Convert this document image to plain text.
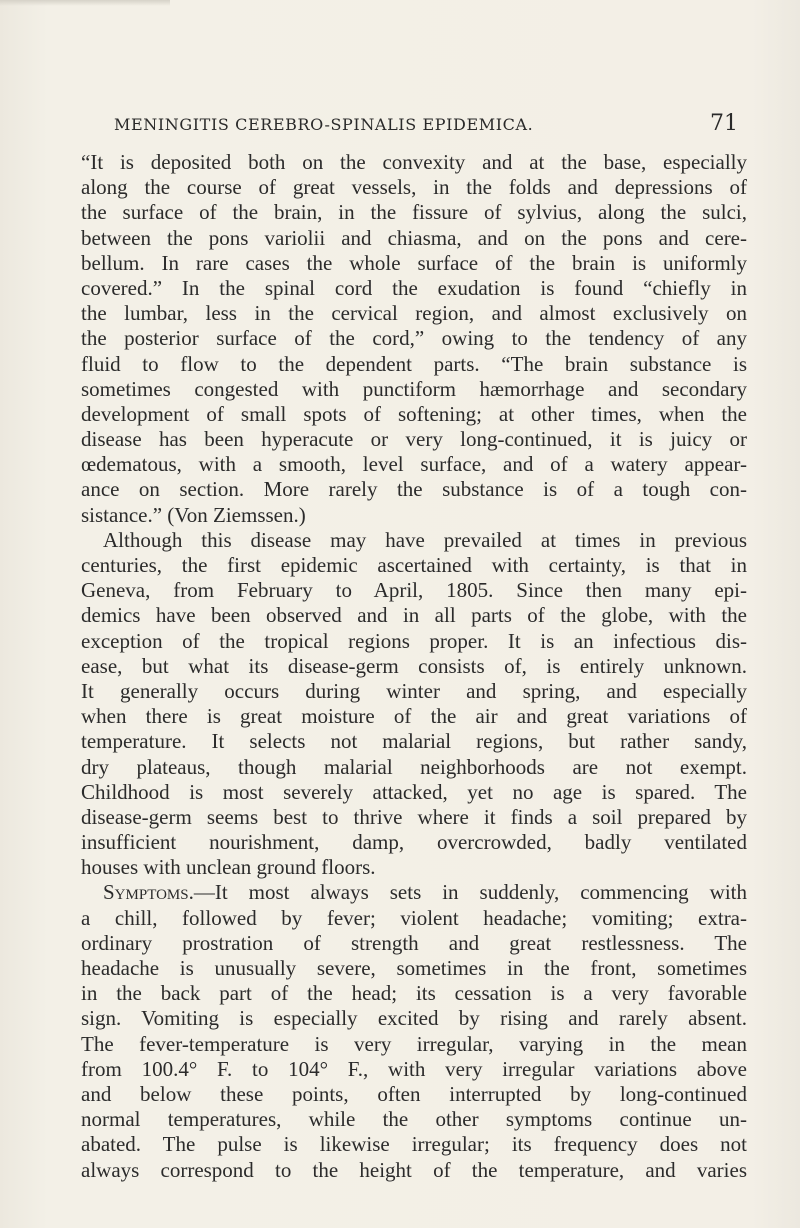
MENINGITIS CEREBRO-SPINALIS EPIDEMICA.	71
“It is deposited both on the convexity and at the base, especially
along the course of great vessels, in the folds and depressions of
the surface of the brain, in the fissure of sylvius, along the sulci,
between the pons variolii and chiasma, and on the pons and cere-
bellum. In rare cases the whole surface of the brain is uniformly
covered.” In the spinal cord the exudation is found “chiefly in
the lumbar, less in the cervical region, and almost exclusively on
the posterior surface of the cord,” owing to the tendency of any
fluid to flow to the dependent parts. “The brain substance is
sometimes congested with punctiform hæmorrhage and secondary
development of small spots of softening; at other times, when the
disease has been hyperacute or very long-continued, it is juicy or
œdematous, with a smooth, level surface, and of a watery appear-
ance on section. More rarely the substance is of a tough con-
sistance.” (Von Ziemssen.)
Although this disease may have prevailed at times in previous
centuries, the first epidemic ascertained with certainty, is that in
Geneva, from February to April, 1805. Since then many epi-
demics have been observed and in all parts of the globe, with the
exception of the tropical regions proper. It is an infectious dis-
ease, but what its disease-germ consists of, is entirely unknown.
It generally occurs during winter and spring, and especially
when there is great moisture of the air and great variations of
temperature. It selects not malarial regions, but rather sandy,
dry plateaus, though malarial neighborhoods are not exempt.
Childhood is most severely attacked, yet no age is spared. The
disease-germ seems best to thrive where it finds a soil prepared by
insufficient nourishment, damp, overcrowded, badly ventilated
houses with unclean ground floors.
Symptoms.—It most always sets in suddenly, commencing with
a chill, followed by fever; violent headache; vomiting; extra-
ordinary prostration of strength and great restlessness. The
headache is unusually severe, sometimes in the front, sometimes
in the back part of the head; its cessation is a very favorable
sign. Vomiting is especially excited by rising and rarely absent.
The fever-temperature is very irregular, varying in the mean
from 100.4° F. to 104° F., with very irregular variations above
and below these points, often interrupted by long-continued
normal temperatures, while the other symptoms continue un-
abated. The pulse is likewise irregular; its frequency does not
always correspond to the height of the temperature, and varies
